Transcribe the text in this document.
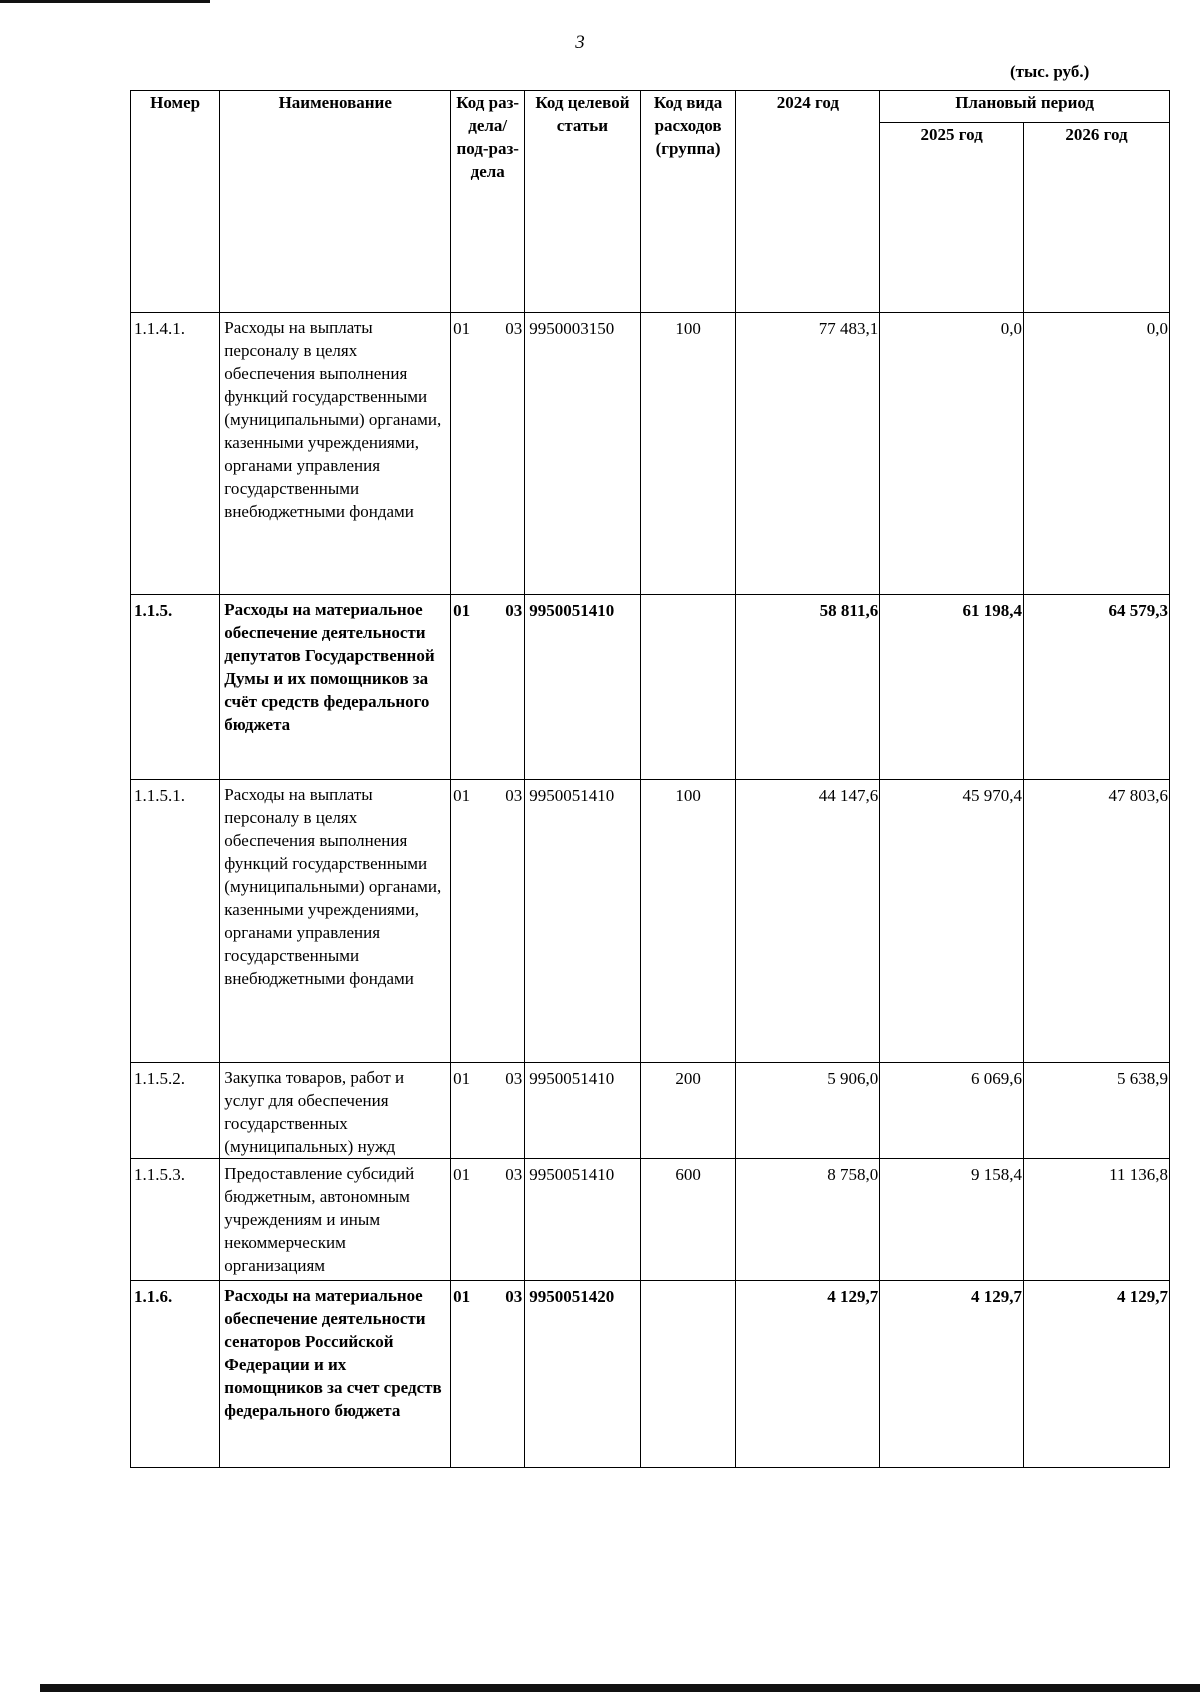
3
(тыс. руб.)
Номер	Наименование	Код раз-дела/ под-раз-дела	Код целевой статьи	Код вида расходов (группа)	2024 год	Плановый период	
						2025 год	2026 год
1.1.4.1.	Расходы на выплаты персоналу в целях обеспечения выполнения функций государственными (муниципальными) органами, казенными учреждениями, органами управления государственными внебюджетными фондами	01 03	9950003150	100	77 483,1	0,0	0,0
1.1.5.	Расходы на материальное обеспечение деятельности депутатов Государственной Думы и их помощников за счёт средств федерального бюджета	01 03	9950051410		58 811,6	61 198,4	64 579,3
1.1.5.1.	Расходы на выплаты персоналу в целях обеспечения выполнения функций государственными (муниципальными) органами, казенными учреждениями, органами управления государственными внебюджетными фондами	01 03	9950051410	100	44 147,6	45 970,4	47 803,6
1.1.5.2.	Закупка товаров, работ и услуг для обеспечения государственных (муниципальных) нужд	01 03	9950051410	200	5 906,0	6 069,6	5 638,9
1.1.5.3.	Предоставление субсидий бюджетным, автономным учреждениям и иным некоммерческим организациям	01 03	9950051410	600	8 758,0	9 158,4	11 136,8
1.1.6.	Расходы на материальное обеспечение деятельности сенаторов Российской Федерации и их помощников за счет средств федерального бюджета	01 03	9950051420		4 129,7	4 129,7	4 129,7
